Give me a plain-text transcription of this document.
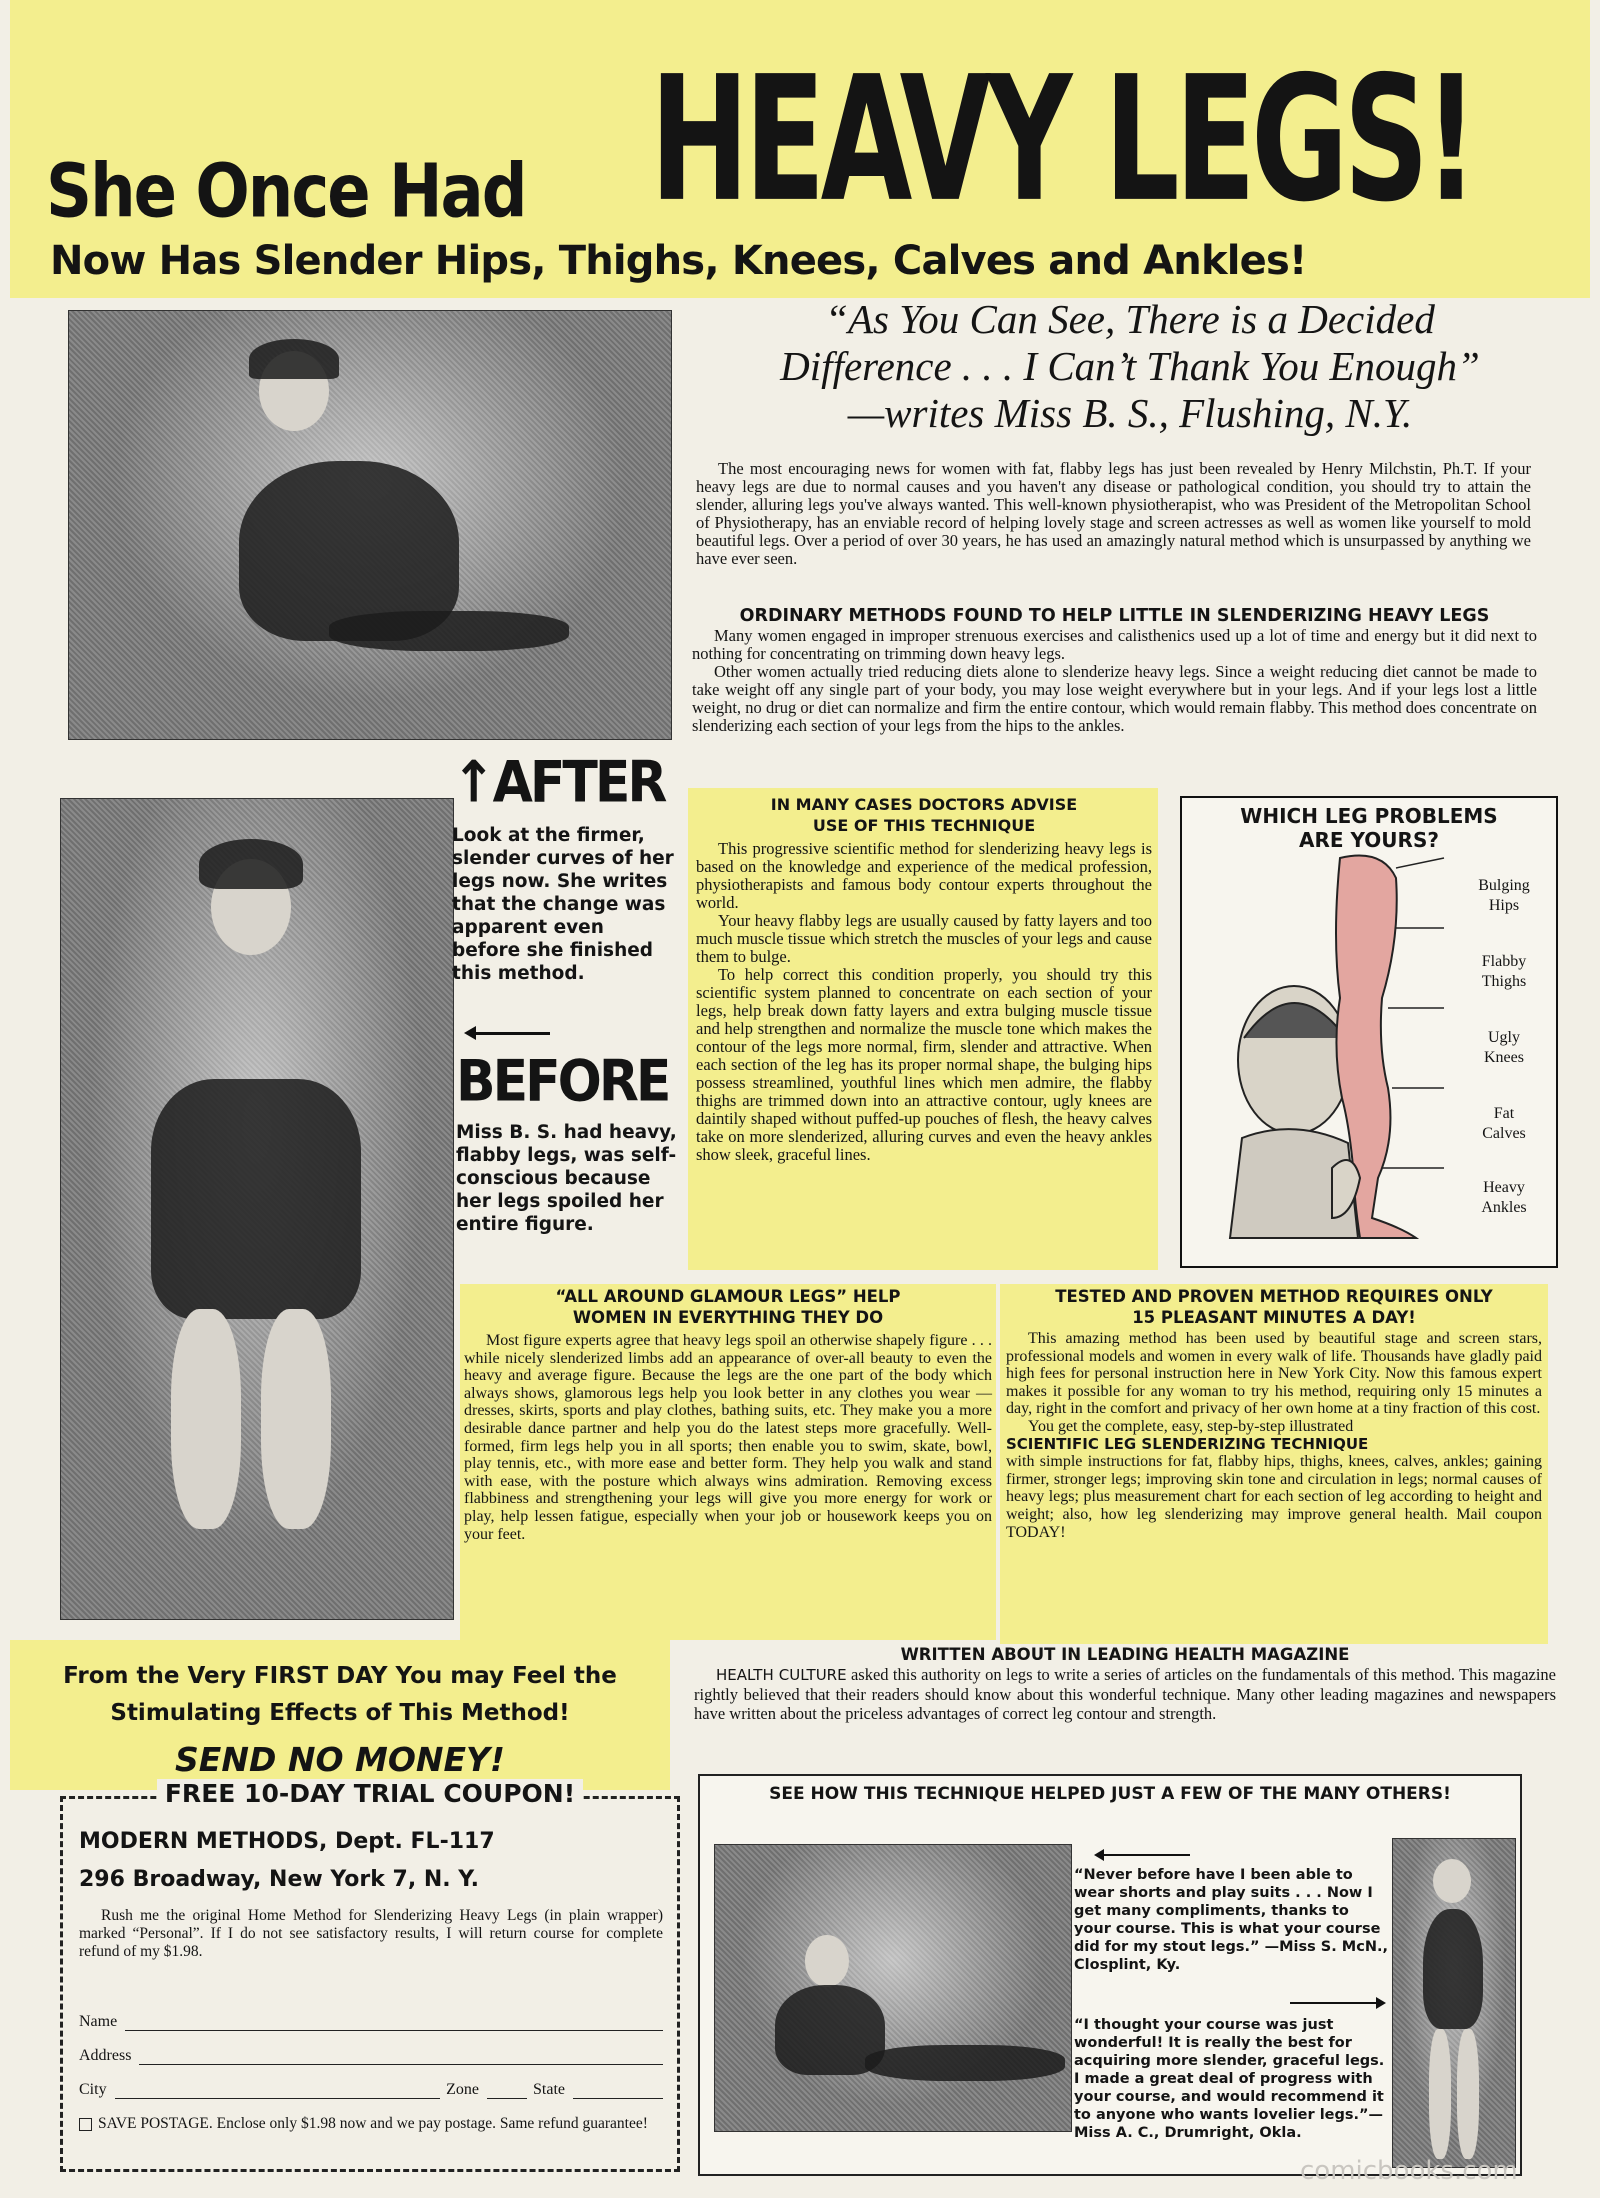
She Once Had HEAVY LEGS!
Now Has Slender Hips, Thighs, Knees, Calves and Ankles!
“As You Can See, There is a Decided
Difference . . . I Can’t Thank You Enough”
—writes Miss B. S., Flushing, N.Y.
The most encouraging news for women with fat, flabby legs has just been revealed by Henry Milchstin, Ph.T. If your heavy legs are due to normal causes and you haven't any disease or pathological condition, you should try to attain the slender, alluring legs you've always wanted. This well-known physiotherapist, who was President of the Metropolitan School of Physiotherapy, has an enviable record of helping lovely stage and screen actresses as well as women like yourself to mold beautiful legs. Over a period of over 30 years, he has used an amazingly natural method which is unsurpassed by anything we have ever seen.
ORDINARY METHODS FOUND TO HELP LITTLE IN SLENDERIZING HEAVY LEGS
Many women engaged in improper strenuous exercises and calisthenics used up a lot of time and energy but it did next to nothing for concentrating on trimming down heavy legs.
Other women actually tried reducing diets alone to slenderize heavy legs. Since a weight reducing diet cannot be made to take weight off any single part of your body, you may lose weight everywhere but in your legs. And if your legs lost a little weight, no drug or diet can normalize and firm the entire contour, which would remain flabby. This method does concentrate on slenderizing each section of your legs from the hips to the ankles.
↑AFTER
Look at the firmer, slender curves of her legs now. She writes that the change was apparent even before she finished this method.
BEFORE
Miss B. S. had heavy, flabby legs, was self-conscious because her legs spoiled her entire figure.
IN MANY CASES DOCTORS ADVISE
USE OF THIS TECHNIQUE
This progressive scientific method for slenderizing heavy legs is based on the knowledge and experience of the medical profession, physiotherapists and famous body contour experts throughout the world.
Your heavy flabby legs are usually caused by fatty layers and too much muscle tissue which stretch the muscles of your legs and cause them to bulge.
To help correct this condition properly, you should try this scientific system planned to concentrate on each section of your legs, help break down fatty layers and extra bulging muscle tissue and help strengthen and normalize the muscle tone which makes the contour of the legs more normal, firm, slender and attractive. When each section of the leg has its proper normal shape, the bulging hips possess streamlined, youthful lines which men admire, the flabby thighs are trimmed down into an attractive contour, ugly knees are daintily shaped without puffed-up pouches of flesh, the heavy calves take on more slenderized, alluring curves and even the heavy ankles show sleek, graceful lines.
WHICH LEG PROBLEMS
ARE YOURS?
Bulging
Hips
Flabby
Thighs
Ugly
Knees
Fat
Calves
Heavy
Ankles
“ALL AROUND GLAMOUR LEGS” HELP
WOMEN IN EVERYTHING THEY DO
Most figure experts agree that heavy legs spoil an otherwise shapely figure . . . while nicely slenderized limbs add an appearance of over-all beauty to even the heavy and average figure. Because the legs are the one part of the body which always shows, glamorous legs help you look better in any clothes you wear — dresses, skirts, sports and play clothes, bathing suits, etc. They make you a more desirable dance partner and help you do the latest steps more gracefully. Well-formed, firm legs help you in all sports; then enable you to swim, skate, bowl, play tennis, etc., with more ease and better form. They help you walk and stand with ease, with the posture which always wins admiration. Removing excess flabbiness and strengthening your legs will give you more energy for work or play, help lessen fatigue, especially when your job or housework keeps you on your feet.
TESTED AND PROVEN METHOD REQUIRES ONLY
15 PLEASANT MINUTES A DAY!
This amazing method has been used by beautiful stage and screen stars, professional models and women in every walk of life. Thousands have gladly paid high fees for personal instruction here in New York City. Now this famous expert makes it possible for any woman to try his method, requiring only 15 minutes a day, right in the comfort and privacy of her own home at a tiny fraction of this cost.
You get the complete, easy, step-by-step illustrated
SCIENTIFIC LEG SLENDERIZING TECHNIQUE
with simple instructions for fat, flabby hips, thighs, knees, calves, ankles; gaining firmer, stronger legs; improving skin tone and circulation in legs; normal causes of heavy legs; plus measurement chart for each section of leg according to height and weight; also, how leg slenderizing may improve general health. Mail coupon TODAY!
From the Very FIRST DAY You may Feel the
Stimulating Effects of This Method!
SEND NO MONEY!
WRITTEN ABOUT IN LEADING HEALTH MAGAZINE
HEALTH CULTURE asked this authority on legs to write a series of articles on the fundamentals of this method. This magazine rightly believed that their readers should know about this wonderful technique. Many other leading magazines and newspapers have written about the priceless advantages of correct leg contour and strength.
FREE 10-DAY TRIAL COUPON!
MODERN METHODS, Dept. FL-117
296 Broadway, New York 7, N. Y.
Rush me the original Home Method for Slenderizing Heavy Legs (in plain wrapper) marked “Personal”. If I do not see satisfactory results, I will return course for complete refund of my $1.98.
Name
Address
City	Zone	State
SAVE POSTAGE. Enclose only $1.98 now and we pay postage. Same refund guarantee!
SEE HOW THIS TECHNIQUE HELPED JUST A FEW OF THE MANY OTHERS!
“Never before have I been able to wear shorts and play suits . . . Now I get many compliments, thanks to your course. This is what your course did for my stout legs.” —Miss S. McN., Closplint, Ky.
“I thought your course was just wonderful! It is really the best for acquiring more slender, graceful legs. I made a great deal of progress with your course, and would recommend it to anyone who wants lovelier legs.”—Miss A. C., Drumright, Okla.
comicbooks.com
